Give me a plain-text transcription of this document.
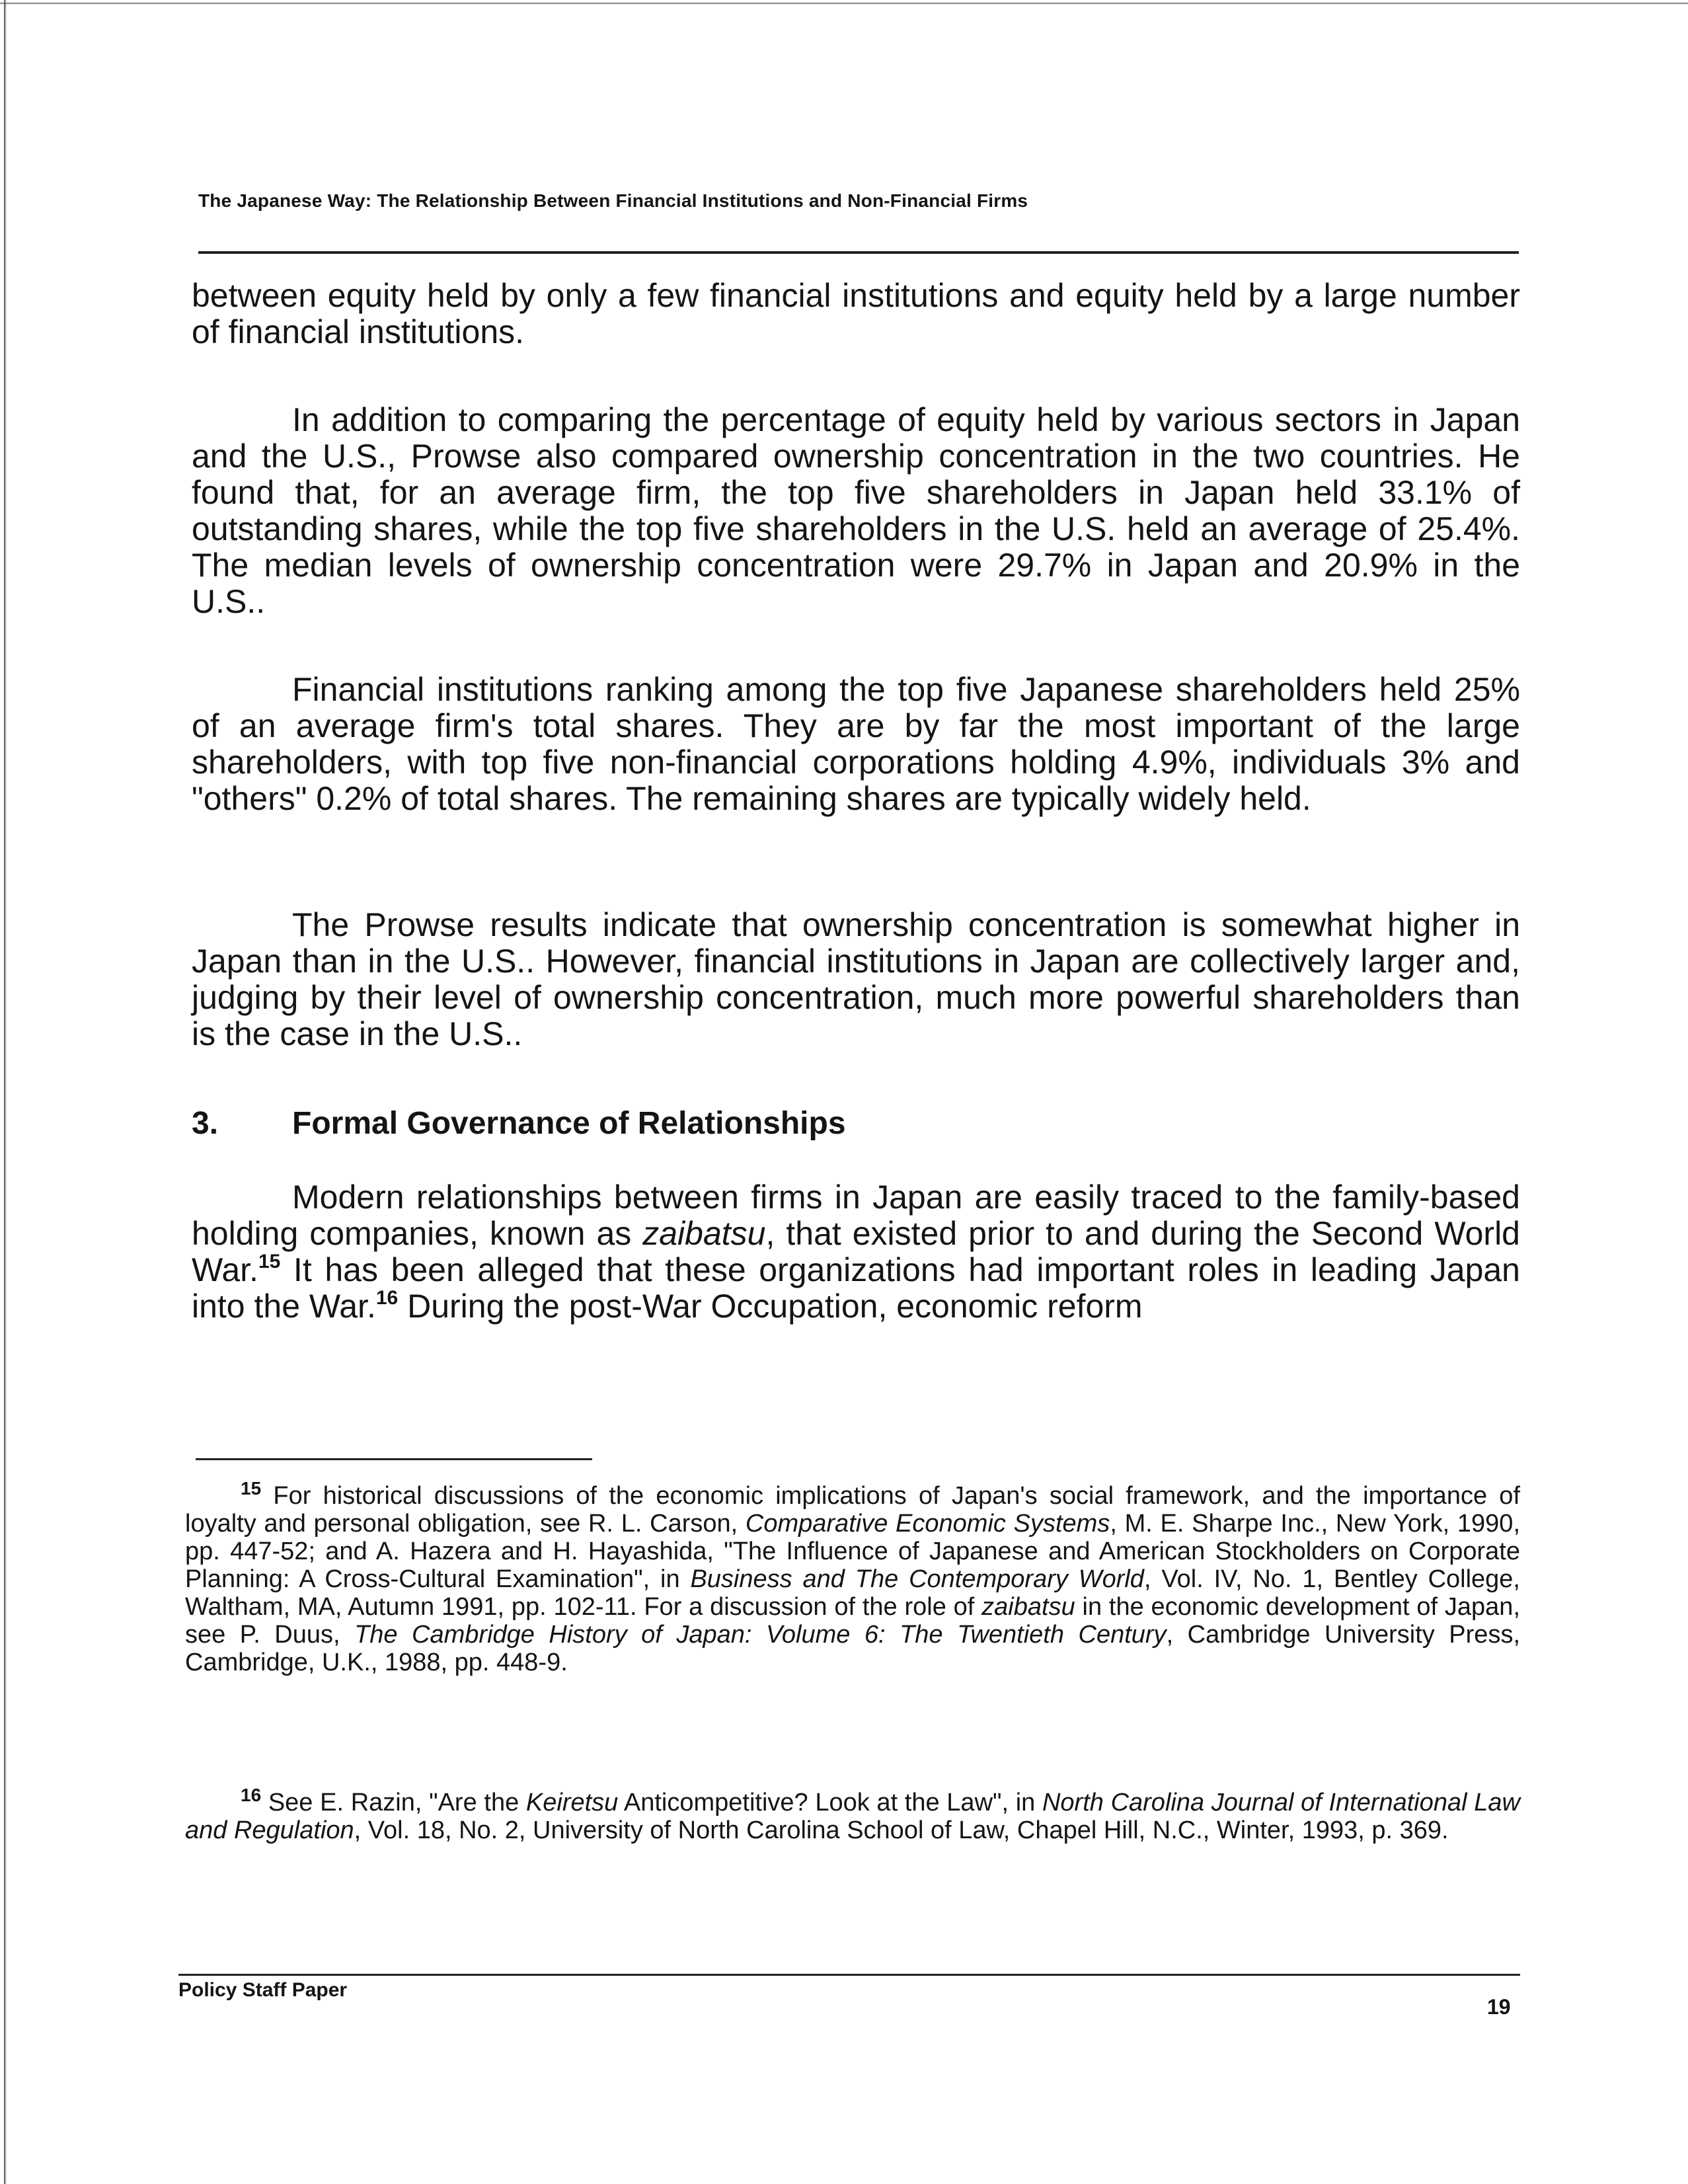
The Japanese Way: The Relationship Between Financial Institutions and Non-Financial Firms

between equity held by only a few financial institutions and equity held by a large number of financial institutions.

In addition to comparing the percentage of equity held by various sectors in Japan and the U.S., Prowse also compared ownership concentration in the two countries. He found that, for an average firm, the top five shareholders in Japan held 33.1% of outstanding shares, while the top five shareholders in the U.S. held an average of 25.4%. The median levels of ownership concentration were 29.7% in Japan and 20.9% in the U.S..

Financial institutions ranking among the top five Japanese shareholders held 25% of an average firm's total shares. They are by far the most important of the large shareholders, with top five non-financial corporations holding 4.9%, individuals 3% and "others" 0.2% of total shares. The remaining shares are typically widely held.

The Prowse results indicate that ownership concentration is somewhat higher in Japan than in the U.S.. However, financial institutions in Japan are collectively larger and, judging by their level of ownership concentration, much more powerful shareholders than is the case in the U.S..

3. Formal Governance of Relationships

Modern relationships between firms in Japan are easily traced to the family-based holding companies, known as zaibatsu, that existed prior to and during the Second World War.$^{15}$ It has been alleged that these organizations had important roles in leading Japan into the War.$^{16}$ During the post-War Occupation, economic reform

$^{15}$ For historical discussions of the economic implications of Japan's social framework, and the importance of loyalty and personal obligation, see R. L. Carson, Comparative Economic Systems, M. E. Sharpe Inc., New York, 1990, pp. 447-52; and A. Hazera and H. Hayashida, "The Influence of Japanese and American Stockholders on Corporate Planning: A Cross-Cultural Examination", in Business and The Contemporary World, Vol. IV, No. 1, Bentley College, Waltham, MA, Autumn 1991, pp. 102-11. For a discussion of the role of zaibatsu in the economic development of Japan, see P. Duus, The Cambridge History of Japan: Volume 6: The Twentieth Century, Cambridge University Press, Cambridge, U.K., 1988, pp. 448-9.

$^{16}$ See E. Razin, "Are the Keiretsu Anticompetitive? Look at the Law", in North Carolina Journal of International Law and Regulation, Vol. 18, No. 2, University of North Carolina School of Law, Chapel Hill, N.C., Winter, 1993, p. 369.

Policy Staff Paper
19
